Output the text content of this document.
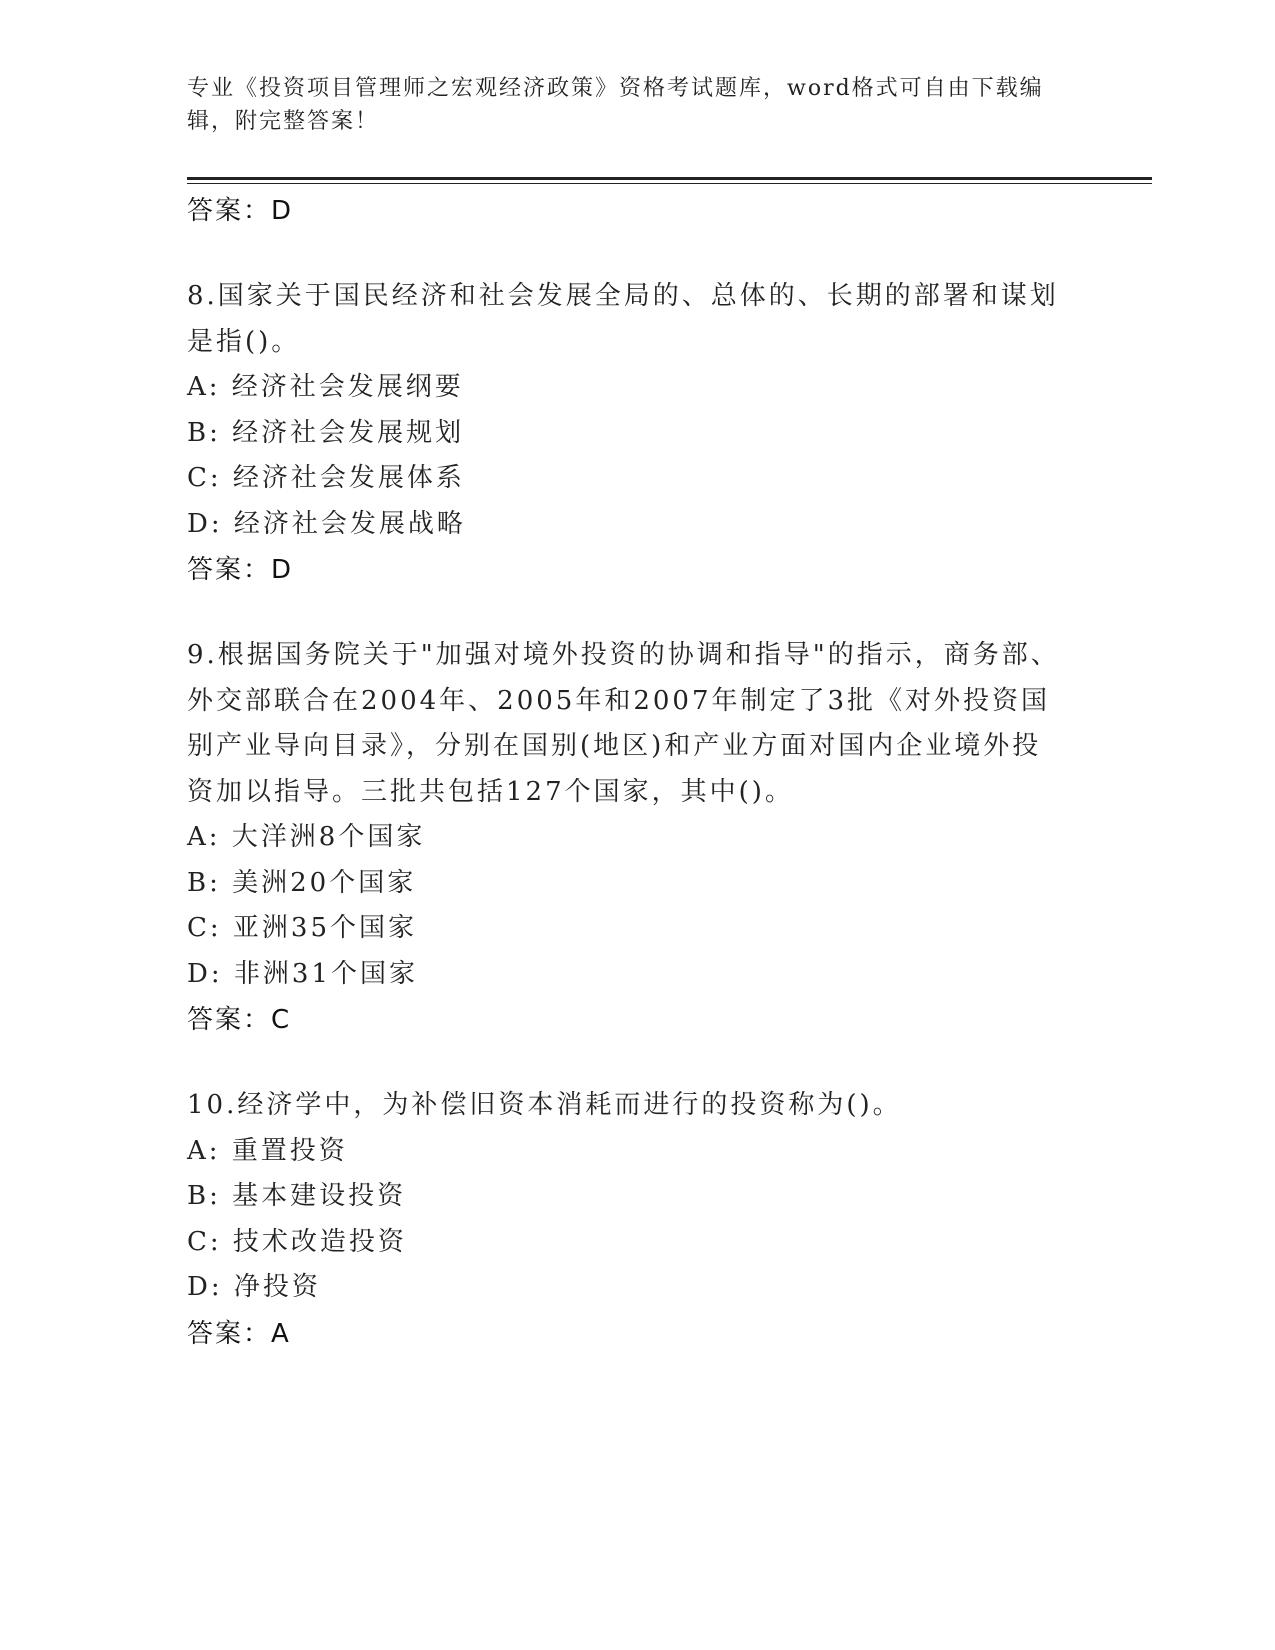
专业《投资项目管理师之宏观经济政策》资格考试题库，word格式可自由下载编辑，附完整答案！

答案：D

8.国家关于国民经济和社会发展全局的、总体的、长期的部署和谋划是指()。

A: 经济社会发展纲要

B: 经济社会发展规划

C: 经济社会发展体系

D: 经济社会发展战略

答案：D

9.根据国务院关于"加强对境外投资的协调和指导"的指示，商务部、外交部联合在2004年、2005年和2007年制定了3批《对外投资国别产业导向目录》，分别在国别(地区)和产业方面对国内企业境外投资加以指导。三批共包括127个国家，其中()。

A: 大洋洲8个国家

B: 美洲20个国家

C: 亚洲35个国家

D: 非洲31个国家

答案：C

10.经济学中，为补偿旧资本消耗而进行的投资称为()。

A: 重置投资

B: 基本建设投资

C: 技术改造投资

D: 净投资

答案：A
